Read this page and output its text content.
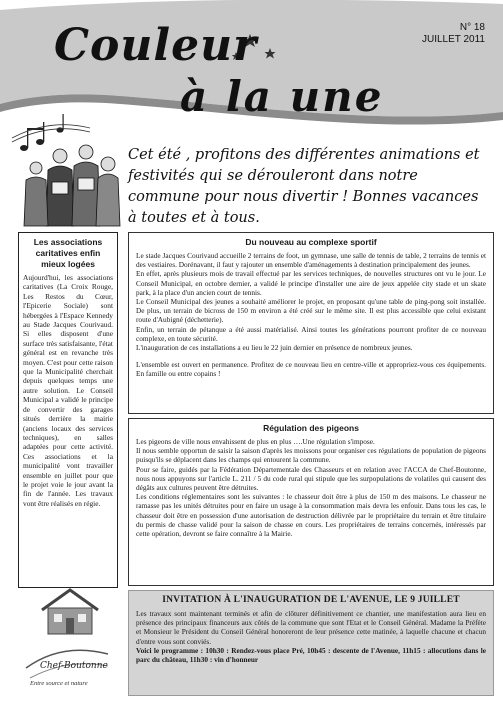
Couleur
à la une
N° 18
JUILLET 2011
Cet été , profitons des différentes animations et festivités qui se dérouleront dans notre commune pour nous divertir ! Bonnes vacances à toutes et à tous.
Les associations caritatives enfin mieux logées

Aujourd'hui, les associations caritatives (La Croix Rouge, Les Restos du Cœur, l'Epicerie Sociale) sont hébergées à l'Espace Kennedy au Stade Jacques Courivaud. Si elles disposent d'une surface très satisfaisante, l'état général est en revanche très moyen. C'est pour cette raison que la Municipalité cherchait depuis quelques temps une autre solution. Le Conseil Municipal a validé le principe de convertir des garages situés derrière la mairie (anciens locaux des services techniques), en salles adaptées pour cette activité. Ces associations et la municipalité vont travailler ensemble en juillet pour que le projet voie le jour avant la fin de l'année. Les travaux vont être réalisés en régie.

Chef-Boutonne
Entre source et nature
Du nouveau au complexe sportif

Le stade Jacques Courivaud accueille 2 terrains de foot, un gymnase, une salle de tennis de table, 2 terrains de tennis et des vestiaires. Dorénavant, il faut y rajouter un ensemble d'aménagements à destination principalement des jeunes.

En effet, après plusieurs mois de travail effectué par les services techniques, de nouvelles structures ont vu le jour. Le Conseil Municipal, en octobre dernier, a validé le principe d'installer une aire de jeux appelée city stade et un skate park, à la place d'un ancien court de tennis.

Le Conseil Municipal des jeunes a souhaité améliorer le projet, en proposant qu'une table de ping-pong soit installée. De plus, un terrain de bicross de 150 m environ a été créé sur le même site. Il est plus accessible que celui existant route d'Aubigné (déchetterie).

Enfin, un terrain de pétanque a été aussi matérialisé. Ainsi toutes les générations pourront profiter de ce nouveau complexe, en toute sécurité.

L'inauguration de ces installations a eu lieu le 22 juin dernier en présence de nombreux jeunes.

L'ensemble est ouvert en permanence. Profitez de ce nouveau lieu en centre-ville et appropriez-vous ces équipements. En famille ou entre copains !

Régulation des pigeons

Les pigeons de ville nous envahissent de plus en plus ….Une régulation s'impose.

Il nous semble opportun de saisir la saison d'après les moissons pour organiser ces régulations de population de pigeons puisqu'ils se déplacent dans les champs qui entourent la commune.

Pour se faire, guidés par la Fédération Départementale des Chasseurs et en relation avec l'ACCA de Chef-Boutonne, nous nous appuyons sur l'article L. 211 / 5 du code rural qui stipule que les surpopulations de volatiles qui causent des dégâts aux cultures peuvent être détruites.

Les conditions réglementaires sont les suivantes : le chasseur doit être à plus de 150 m des maisons. Le chasseur ne ramasse pas les unités détruites pour en faire un usage à la consommation mais devra les enfouir. Dans tous les cas, le chasseur doit être en possession d'une autorisation de destruction délivrée par le propriétaire du terrain et être titulaire du permis de chasse validé pour la saison de chasse en cours. Les propriétaires de terrains concernés, intéressés par cette opération, devront se faire connaître à la Mairie.

INVITATION À L'INAUGURATION DE L'AVENUE, LE 9 JUILLET

Les travaux sont maintenant terminés et afin de clôturer définitivement ce chantier, une manifestation aura lieu en présence des principaux financeurs aux côtés de la commune que sont l'Etat et le Conseil Général. Madame la Préfète et Monsieur le Président du Conseil Général honoreront de leur présence cette matinée, à laquelle chacune et chacun d'entre vous sont conviés.

Voici le programme : 10h30 : Rendez-vous place Pré, 10h45 : descente de l'Avenue, 11h15 : allocutions dans le parc du château, 11h30 : vin d'honneur
